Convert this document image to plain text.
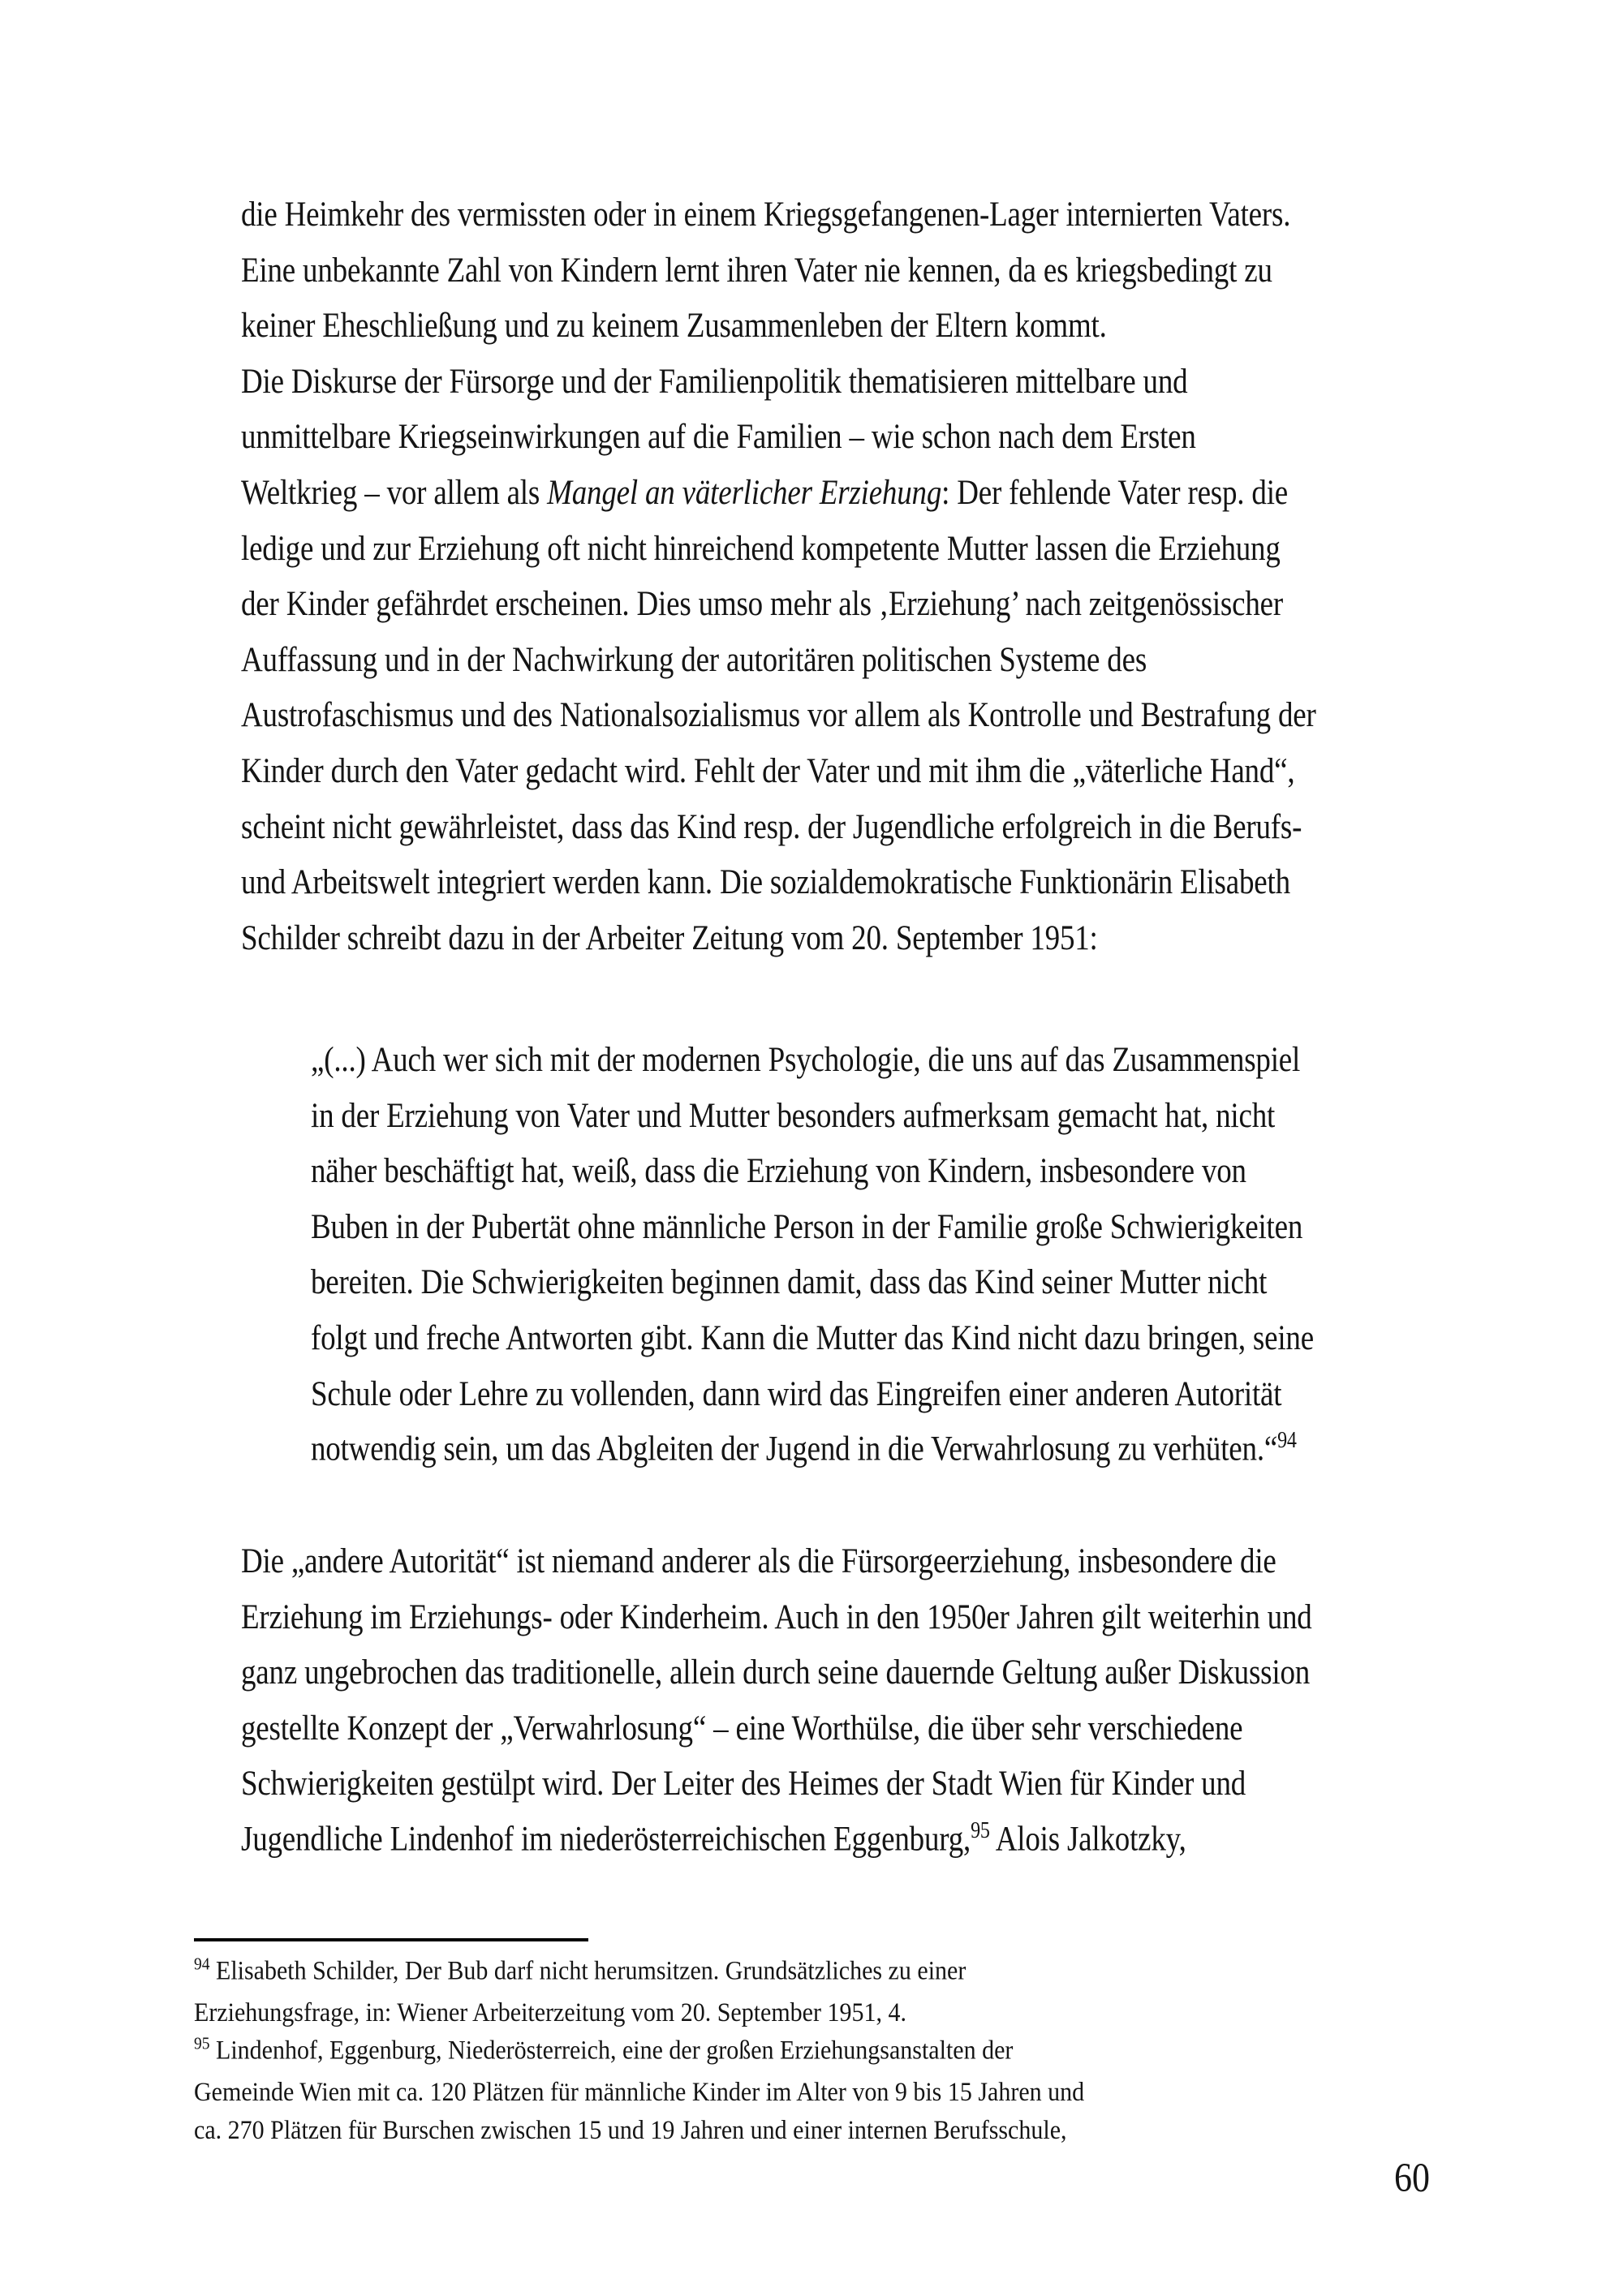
die Heimkehr des vermissten oder in einem Kriegsgefangenen-Lager internierten Vaters.
Eine unbekannte Zahl von Kindern lernt ihren Vater nie kennen, da es kriegsbedingt zu
keiner Eheschließung und zu keinem Zusammenleben der Eltern kommt.
Die Diskurse der Fürsorge und der Familienpolitik thematisieren mittelbare und
unmittelbare Kriegseinwirkungen auf die Familien – wie schon nach dem Ersten
Weltkrieg – vor allem als Mangel an väterlicher Erziehung: Der fehlende Vater resp. die
ledige und zur Erziehung oft nicht hinreichend kompetente Mutter lassen die Erziehung
der Kinder gefährdet erscheinen. Dies umso mehr als ‚Erziehung’ nach zeitgenössischer
Auffassung und in der Nachwirkung der autoritären politischen Systeme des
Austrofaschismus und des Nationalsozialismus vor allem als Kontrolle und Bestrafung der
Kinder durch den Vater gedacht wird. Fehlt der Vater und mit ihm die „väterliche Hand“,
scheint nicht gewährleistet, dass das Kind resp. der Jugendliche erfolgreich in die Berufs-
und Arbeitswelt integriert werden kann. Die sozialdemokratische Funktionärin Elisabeth
Schilder schreibt dazu in der Arbeiter Zeitung vom 20. September 1951:
„(...) Auch wer sich mit der modernen Psychologie, die uns auf das Zusammenspiel
in der Erziehung von Vater und Mutter besonders aufmerksam gemacht hat, nicht
näher beschäftigt hat, weiß, dass die Erziehung von Kindern, insbesondere von
Buben in der Pubertät ohne männliche Person in der Familie große Schwierigkeiten
bereiten. Die Schwierigkeiten beginnen damit, dass das Kind seiner Mutter nicht
folgt und freche Antworten gibt. Kann die Mutter das Kind nicht dazu bringen, seine
Schule oder Lehre zu vollenden, dann wird das Eingreifen einer anderen Autorität
notwendig sein, um das Abgleiten der Jugend in die Verwahrlosung zu verhüten.“$^{94}$
Die „andere Autorität“ ist niemand anderer als die Fürsorgeerziehung, insbesondere die
Erziehung im Erziehungs- oder Kinderheim. Auch in den 1950er Jahren gilt weiterhin und
ganz ungebrochen das traditionelle, allein durch seine dauernde Geltung außer Diskussion
gestellte Konzept der „Verwahrlosung“ – eine Worthülse, die über sehr verschiedene
Schwierigkeiten gestülpt wird. Der Leiter des Heimes der Stadt Wien für Kinder und
Jugendliche Lindenhof im niederösterreichischen Eggenburg,$^{95}$ Alois Jalkotzky,
$^{94}$ Elisabeth Schilder, Der Bub darf nicht herumsitzen. Grundsätzliches zu einer
Erziehungsfrage, in: Wiener Arbeiterzeitung vom 20. September 1951, 4.
$^{95}$ Lindenhof, Eggenburg, Niederösterreich, eine der großen Erziehungsanstalten der
Gemeinde Wien mit ca. 120 Plätzen für männliche Kinder im Alter von 9 bis 15 Jahren und
ca. 270 Plätzen für Burschen zwischen 15 und 19 Jahren und einer internen Berufsschule,
60
